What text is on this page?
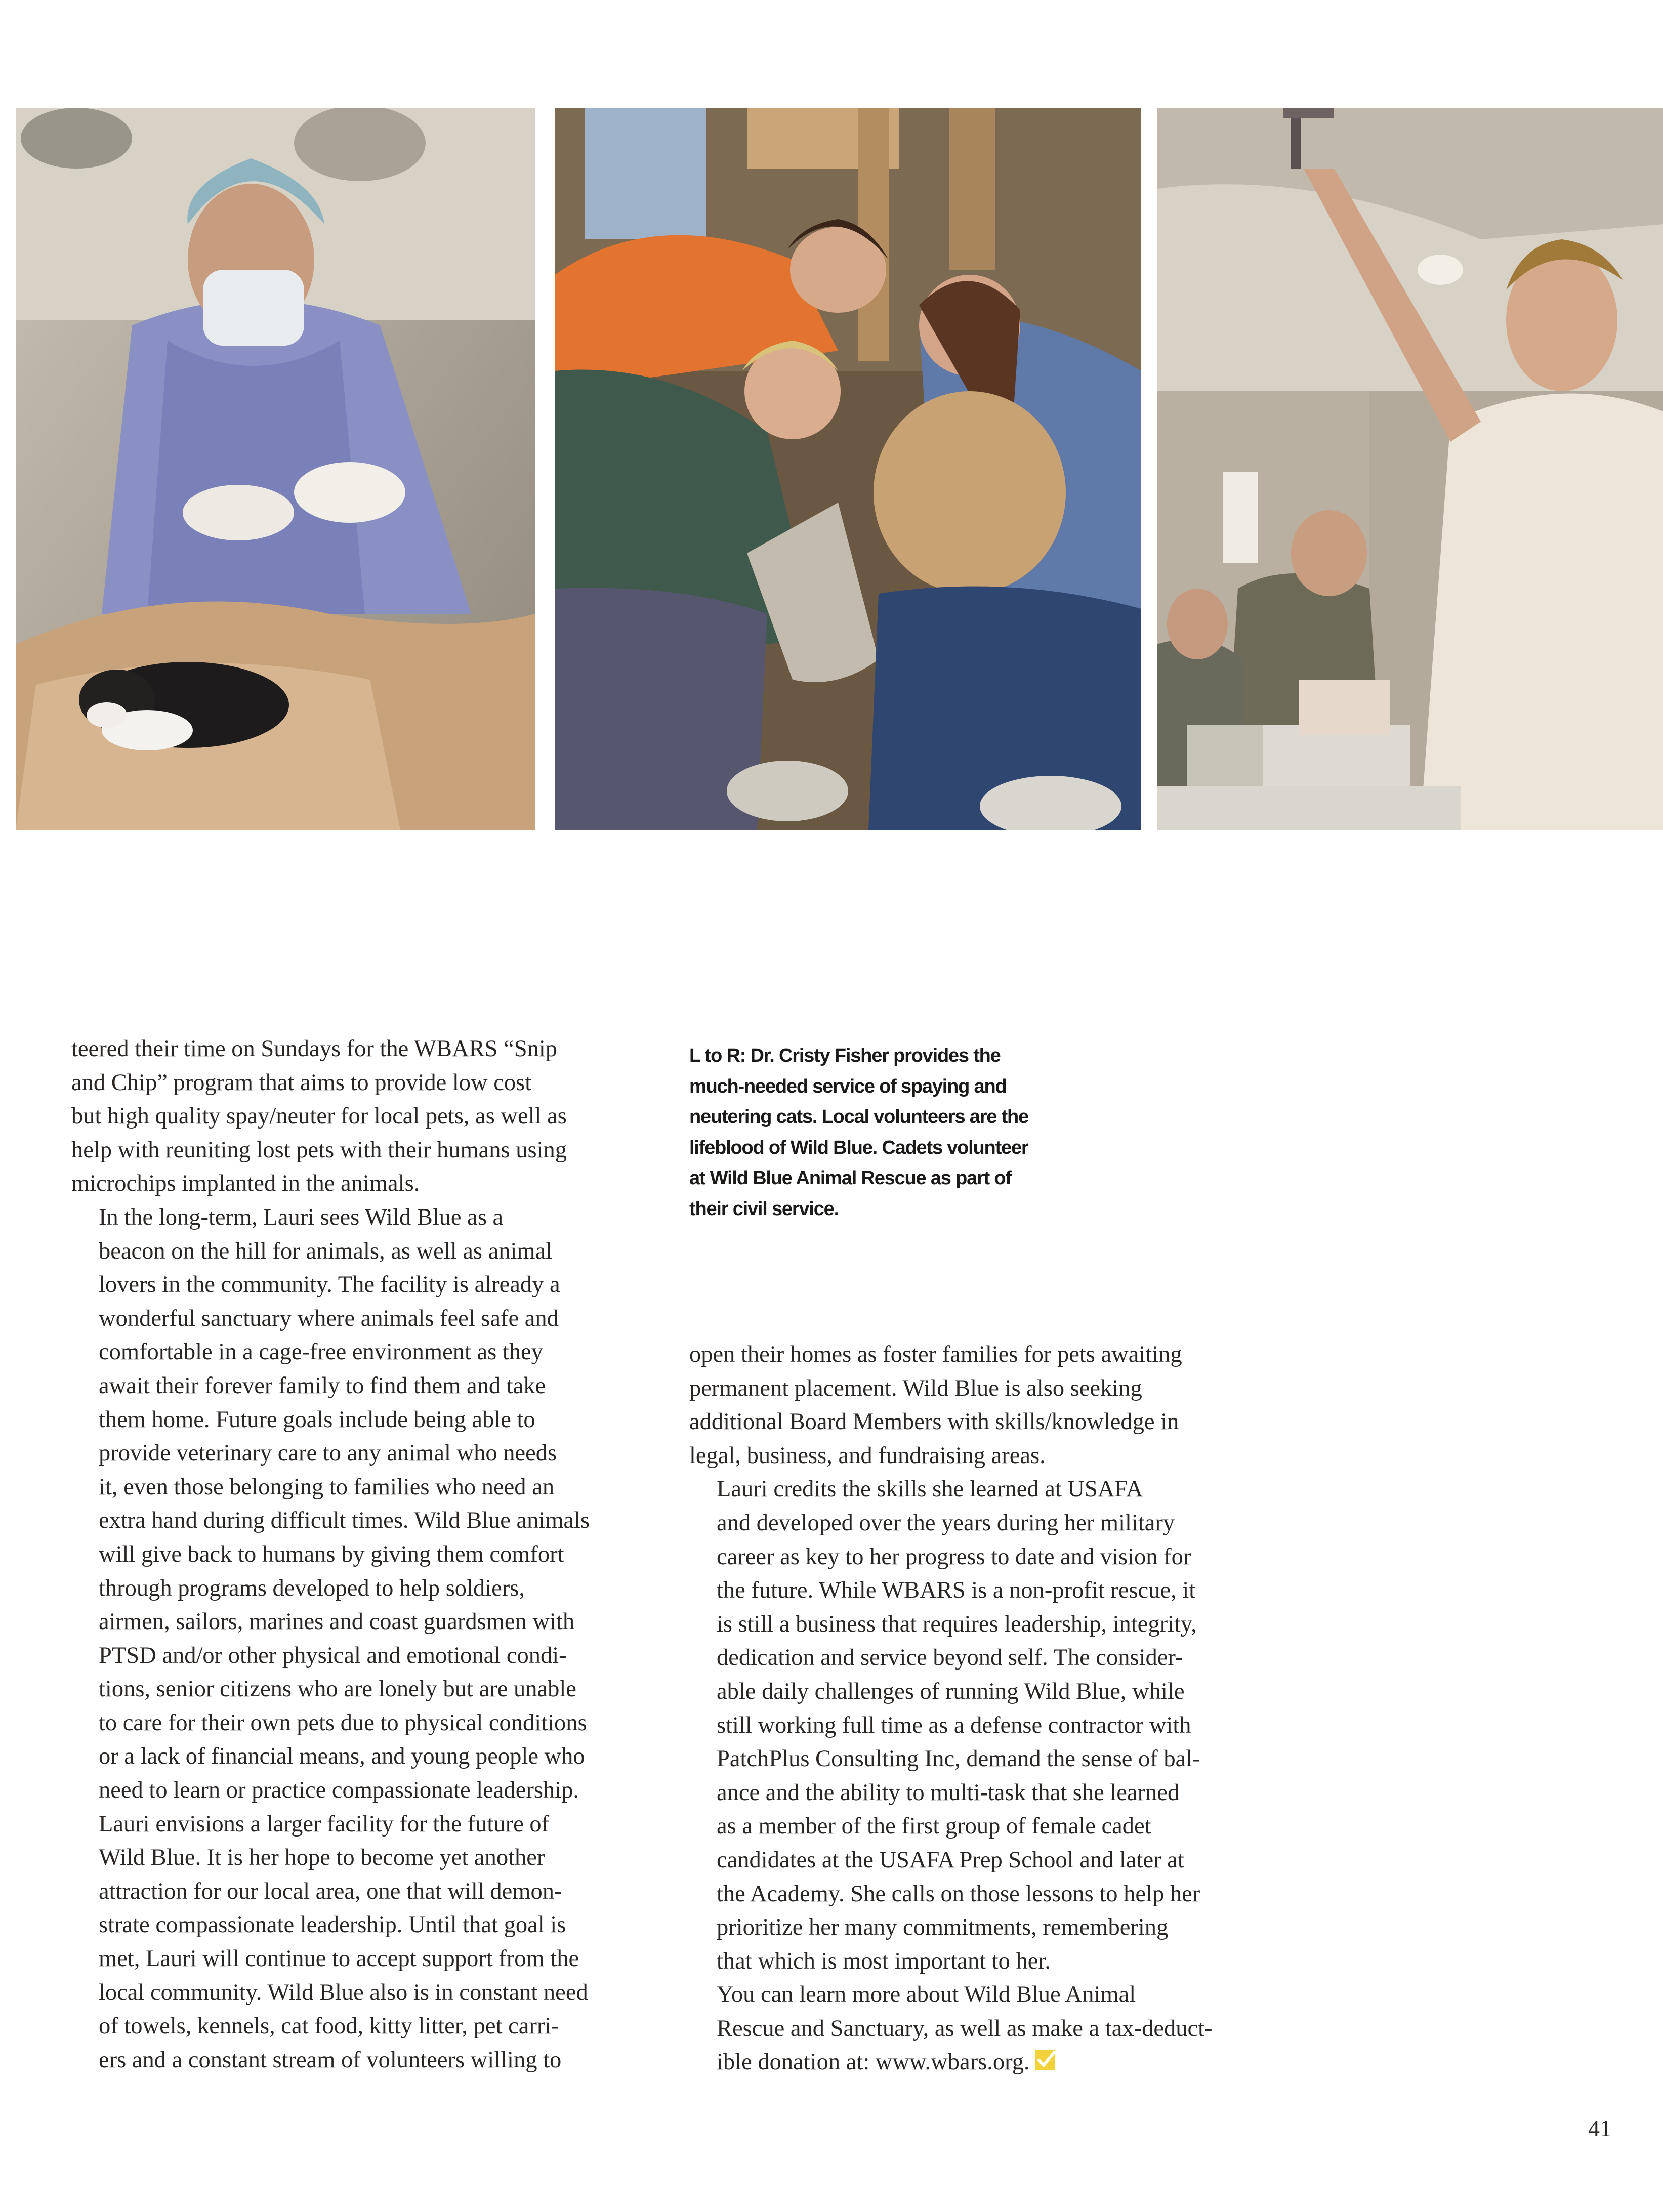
teered their time on Sundays for the WBARS “Snip
and Chip” program that aims to provide low cost
but high quality spay/neuter for local pets, as well as
help with reuniting lost pets with their humans using
microchips implanted in the animals.

In the long-term, Lauri sees Wild Blue as a
beacon on the hill for animals, as well as animal
lovers in the community. The facility is already a
wonderful sanctuary where animals feel safe and
comfortable in a cage-free environment as they
await their forever family to find them and take
them home. Future goals include being able to
provide veterinary care to any animal who needs
it, even those belonging to families who need an
extra hand during difficult times. Wild Blue animals
will give back to humans by giving them comfort
through programs developed to help soldiers,
airmen, sailors, marines and coast guardsmen with
PTSD and/or other physical and emotional condi-
tions, senior citizens who are lonely but are unable
to care for their own pets due to physical conditions
or a lack of financial means, and young people who
need to learn or practice compassionate leadership.

Lauri envisions a larger facility for the future of
Wild Blue. It is her hope to become yet another
attraction for our local area, one that will demon-
strate compassionate leadership. Until that goal is
met, Lauri will continue to accept support from the
local community. Wild Blue also is in constant need
of towels, kennels, cat food, kitty litter, pet carri-
ers and a constant stream of volunteers willing to

L to R: Dr. Cristy Fisher provides the
much-needed service of spaying and
neutering cats. Local volunteers are the
lifeblood of Wild Blue. Cadets volunteer
at Wild Blue Animal Rescue as part of
their civil service.

open their homes as foster families for pets awaiting
permanent placement. Wild Blue is also seeking
additional Board Members with skills/knowledge in
legal, business, and fundraising areas.

Lauri credits the skills she learned at USAFA
and developed over the years during her military
career as key to her progress to date and vision for
the future. While WBARS is a non-profit rescue, it
is still a business that requires leadership, integrity,
dedication and service beyond self. The consider-
able daily challenges of running Wild Blue, while
still working full time as a defense contractor with
PatchPlus Consulting Inc, demand the sense of bal-
ance and the ability to multi-task that she learned
as a member of the first group of female cadet
candidates at the USAFA Prep School and later at
the Academy. She calls on those lessons to help her
prioritize her many commitments, remembering
that which is most important to her.

You can learn more about Wild Blue Animal
Rescue and Sanctuary, as well as make a tax-deduct-
ible donation at: www.wbars.org.

41
